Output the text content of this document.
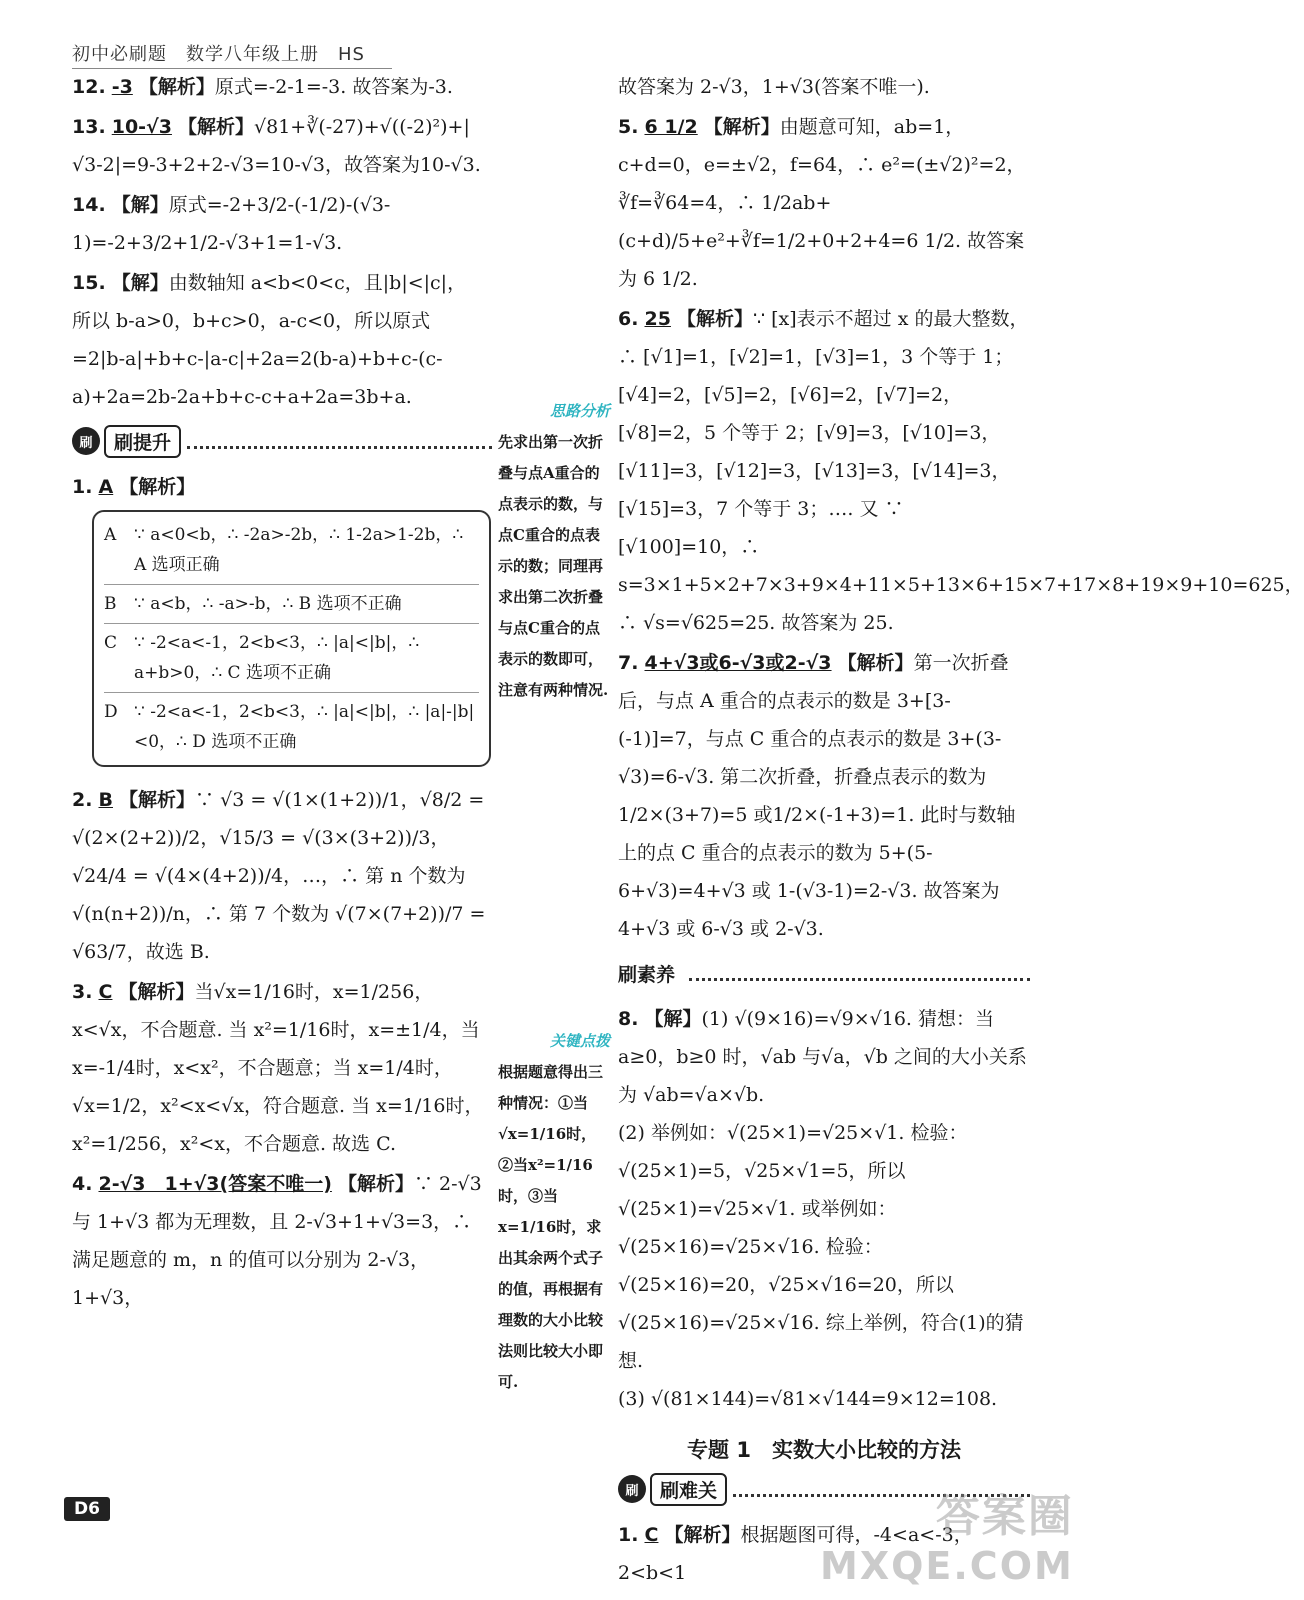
初中必刷题　数学八年级上册　HS
12. -3 【解析】原式=-2-1=-3. 故答案为-3.
13. 10-√3 【解析】√81+∛(-27)+√((-2)²)+|√3-2|=9-3+2+2-√3=10-√3，故答案为10-√3.
14. 【解】原式=-2+3/2-(-1/2)-(√3-1)=-2+3/2+1/2-√3+1=1-√3.
15. 【解】由数轴知 a<b<0<c，且|b|<|c|，所以 b-a>0，b+c>0，a-c<0，所以原式=2|b-a|+b+c-|a-c|+2a=2(b-a)+b+c-(c-a)+2a=2b-2a+b+c-c+a+2a=3b+a.
刷	刷提升
1. A 【解析】
A	∵ a<0<b，∴ -2a>-2b，∴ 1-2a>1-2b，∴ A 选项正确
B	∵ a<b，∴ -a>-b，∴ B 选项不正确
C ∵ -2<a<-1，2<b<3，∴ |a|<|b|，∴ a+b>0，∴ C 选项不正确
D ∵ -2<a<-1，2<b<3，∴ |a|<|b|，∴ |a|-|b|<0，∴ D 选项不正确
2. B 【解析】∵ √3 = √(1×(1+2))/1，√8/2 = √(2×(2+2))/2，√15/3 = √(3×(3+2))/3，√24/4 = √(4×(4+2))/4，…，∴ 第 n 个数为 √(n(n+2))/n，∴ 第 7 个数为 √(7×(7+2))/7 = √63/7，故选 B.
3. C 【解析】当√x=1/16时，x=1/256，x<√x，不合题意. 当 x²=1/16时，x=±1/4，当 x=-1/4时，x<x²，不合题意；当 x=1/4时，√x=1/2，x²<x<√x，符合题意. 当 x=1/16时，x²=1/256，x²<x，不合题意. 故选 C.
4. 2-√3　1+√3(答案不唯一) 【解析】∵ 2-√3 与 1+√3 都为无理数，且 2-√3+1+√3=3，∴ 满足题意的 m，n 的值可以分别为 2-√3，1+√3，
思路分析
先求出第一次折叠与点A重合的点表示的数，与点C重合的点表示的数；同理再求出第二次折叠与点C重合的点表示的数即可，注意有两种情况.
关键点拨
根据题意得出三种情况：①当√x=1/16时，②当x²=1/16时，③当x=1/16时，求出其余两个式子的值，再根据有理数的大小比较法则比较大小即可.
故答案为 2-√3，1+√3(答案不唯一).
5. 6 1/2 【解析】由题意可知，ab=1，c+d=0，e=±√2，f=64，∴ e²=(±√2)²=2，∛f=∛64=4，∴ 1/2ab+(c+d)/5+e²+∛f=1/2+0+2+4=6 1/2. 故答案为 6 1/2.
6. 25 【解析】∵ [x]表示不超过 x 的最大整数，∴ [√1]=1，[√2]=1，[√3]=1，3 个等于 1；[√4]=2，[√5]=2，[√6]=2，[√7]=2，[√8]=2，5 个等于 2；[√9]=3，[√10]=3，[√11]=3，[√12]=3，[√13]=3，[√14]=3，[√15]=3，7 个等于 3；…. 又 ∵ [√100]=10，∴ s=3×1+5×2+7×3+9×4+11×5+13×6+15×7+17×8+19×9+10=625，∴ √s=√625=25. 故答案为 25.
7. 4+√3或6-√3或2-√3 【解析】第一次折叠后，与点 A 重合的点表示的数是 3+[3-(-1)]=7，与点 C 重合的点表示的数是 3+(3-√3)=6-√3. 第二次折叠，折叠点表示的数为1/2×(3+7)=5 或1/2×(-1+3)=1. 此时与数轴上的点 C 重合的点表示的数为 5+(5-6+√3)=4+√3 或 1-(√3-1)=2-√3. 故答案为 4+√3 或 6-√3 或 2-√3.
刷素养
8. 【解】(1) √(9×16)=√9×√16. 猜想：当 a≥0，b≥0 时，√ab 与√a，√b 之间的大小关系为 √ab=√a×√b.
(2) 举例如：√(25×1)=√25×√1. 检验：√(25×1)=5，√25×√1=5，所以√(25×1)=√25×√1. 或举例如：√(25×16)=√25×√16. 检验：√(25×16)=20，√25×√16=20，所以√(25×16)=√25×√16. 综上举例，符合(1)的猜想.
(3) √(81×144)=√81×√144=9×12=108.
专题 1　实数大小比较的方法
刷	刷难关
1. C 【解析】根据题图可得，-4<a<-3，2<b<1
D6	答案圈
MXQE.COM
